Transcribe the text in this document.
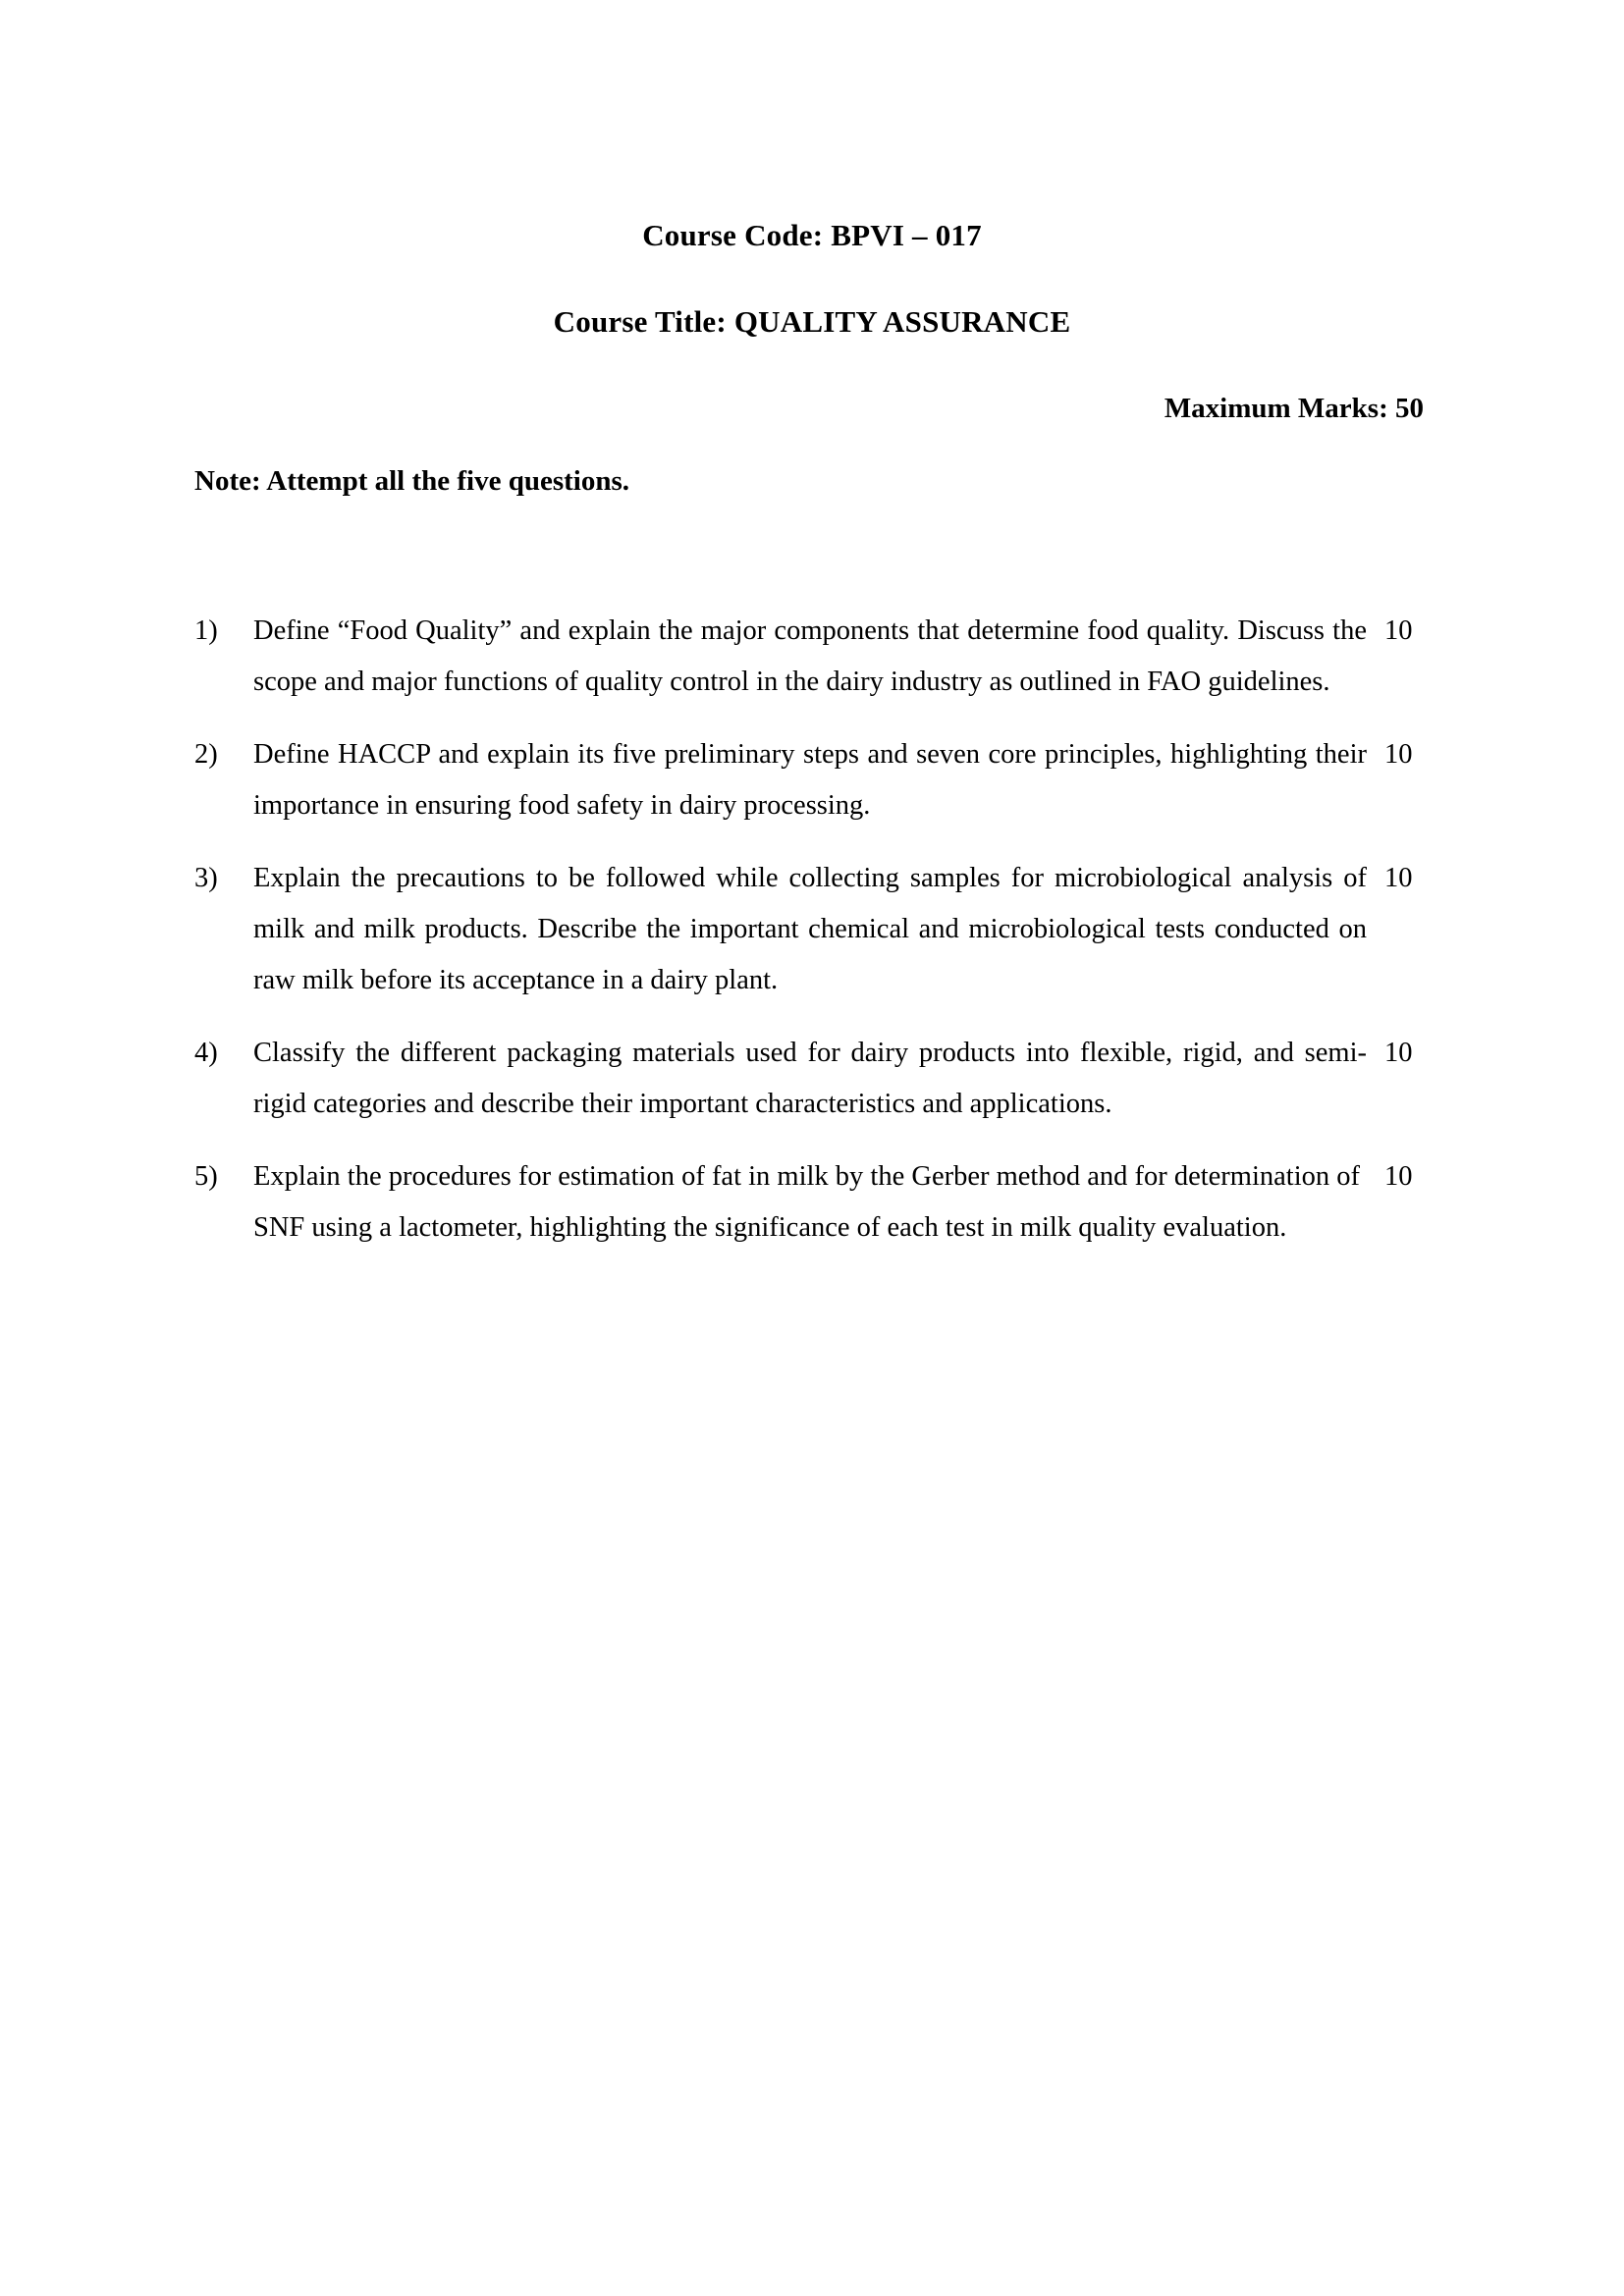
Course Code: BPVI – 017
Course Title: QUALITY ASSURANCE
Maximum Marks: 50
Note: Attempt all the five questions.
1)	Define “Food Quality” and explain the major components that determine food quality. Discuss the scope and major functions of quality control in the dairy industry as outlined in FAO guidelines.
10
2)	Define HACCP and explain its five preliminary steps and seven core principles, highlighting their importance in ensuring food safety in dairy processing.
10
3)	Explain the precautions to be followed while collecting samples for microbiological analysis of milk and milk products. Describe the important chemical and microbiological tests conducted on raw milk before its acceptance in a dairy plant.
10
4)	Classify the different packaging materials used for dairy products into flexible, rigid, and semi-rigid categories and describe their important characteristics and applications.
10
5)	Explain the procedures for estimation of fat in milk by the Gerber method and for determination of SNF using a lactometer, highlighting the significance of each test in milk quality evaluation.
10
